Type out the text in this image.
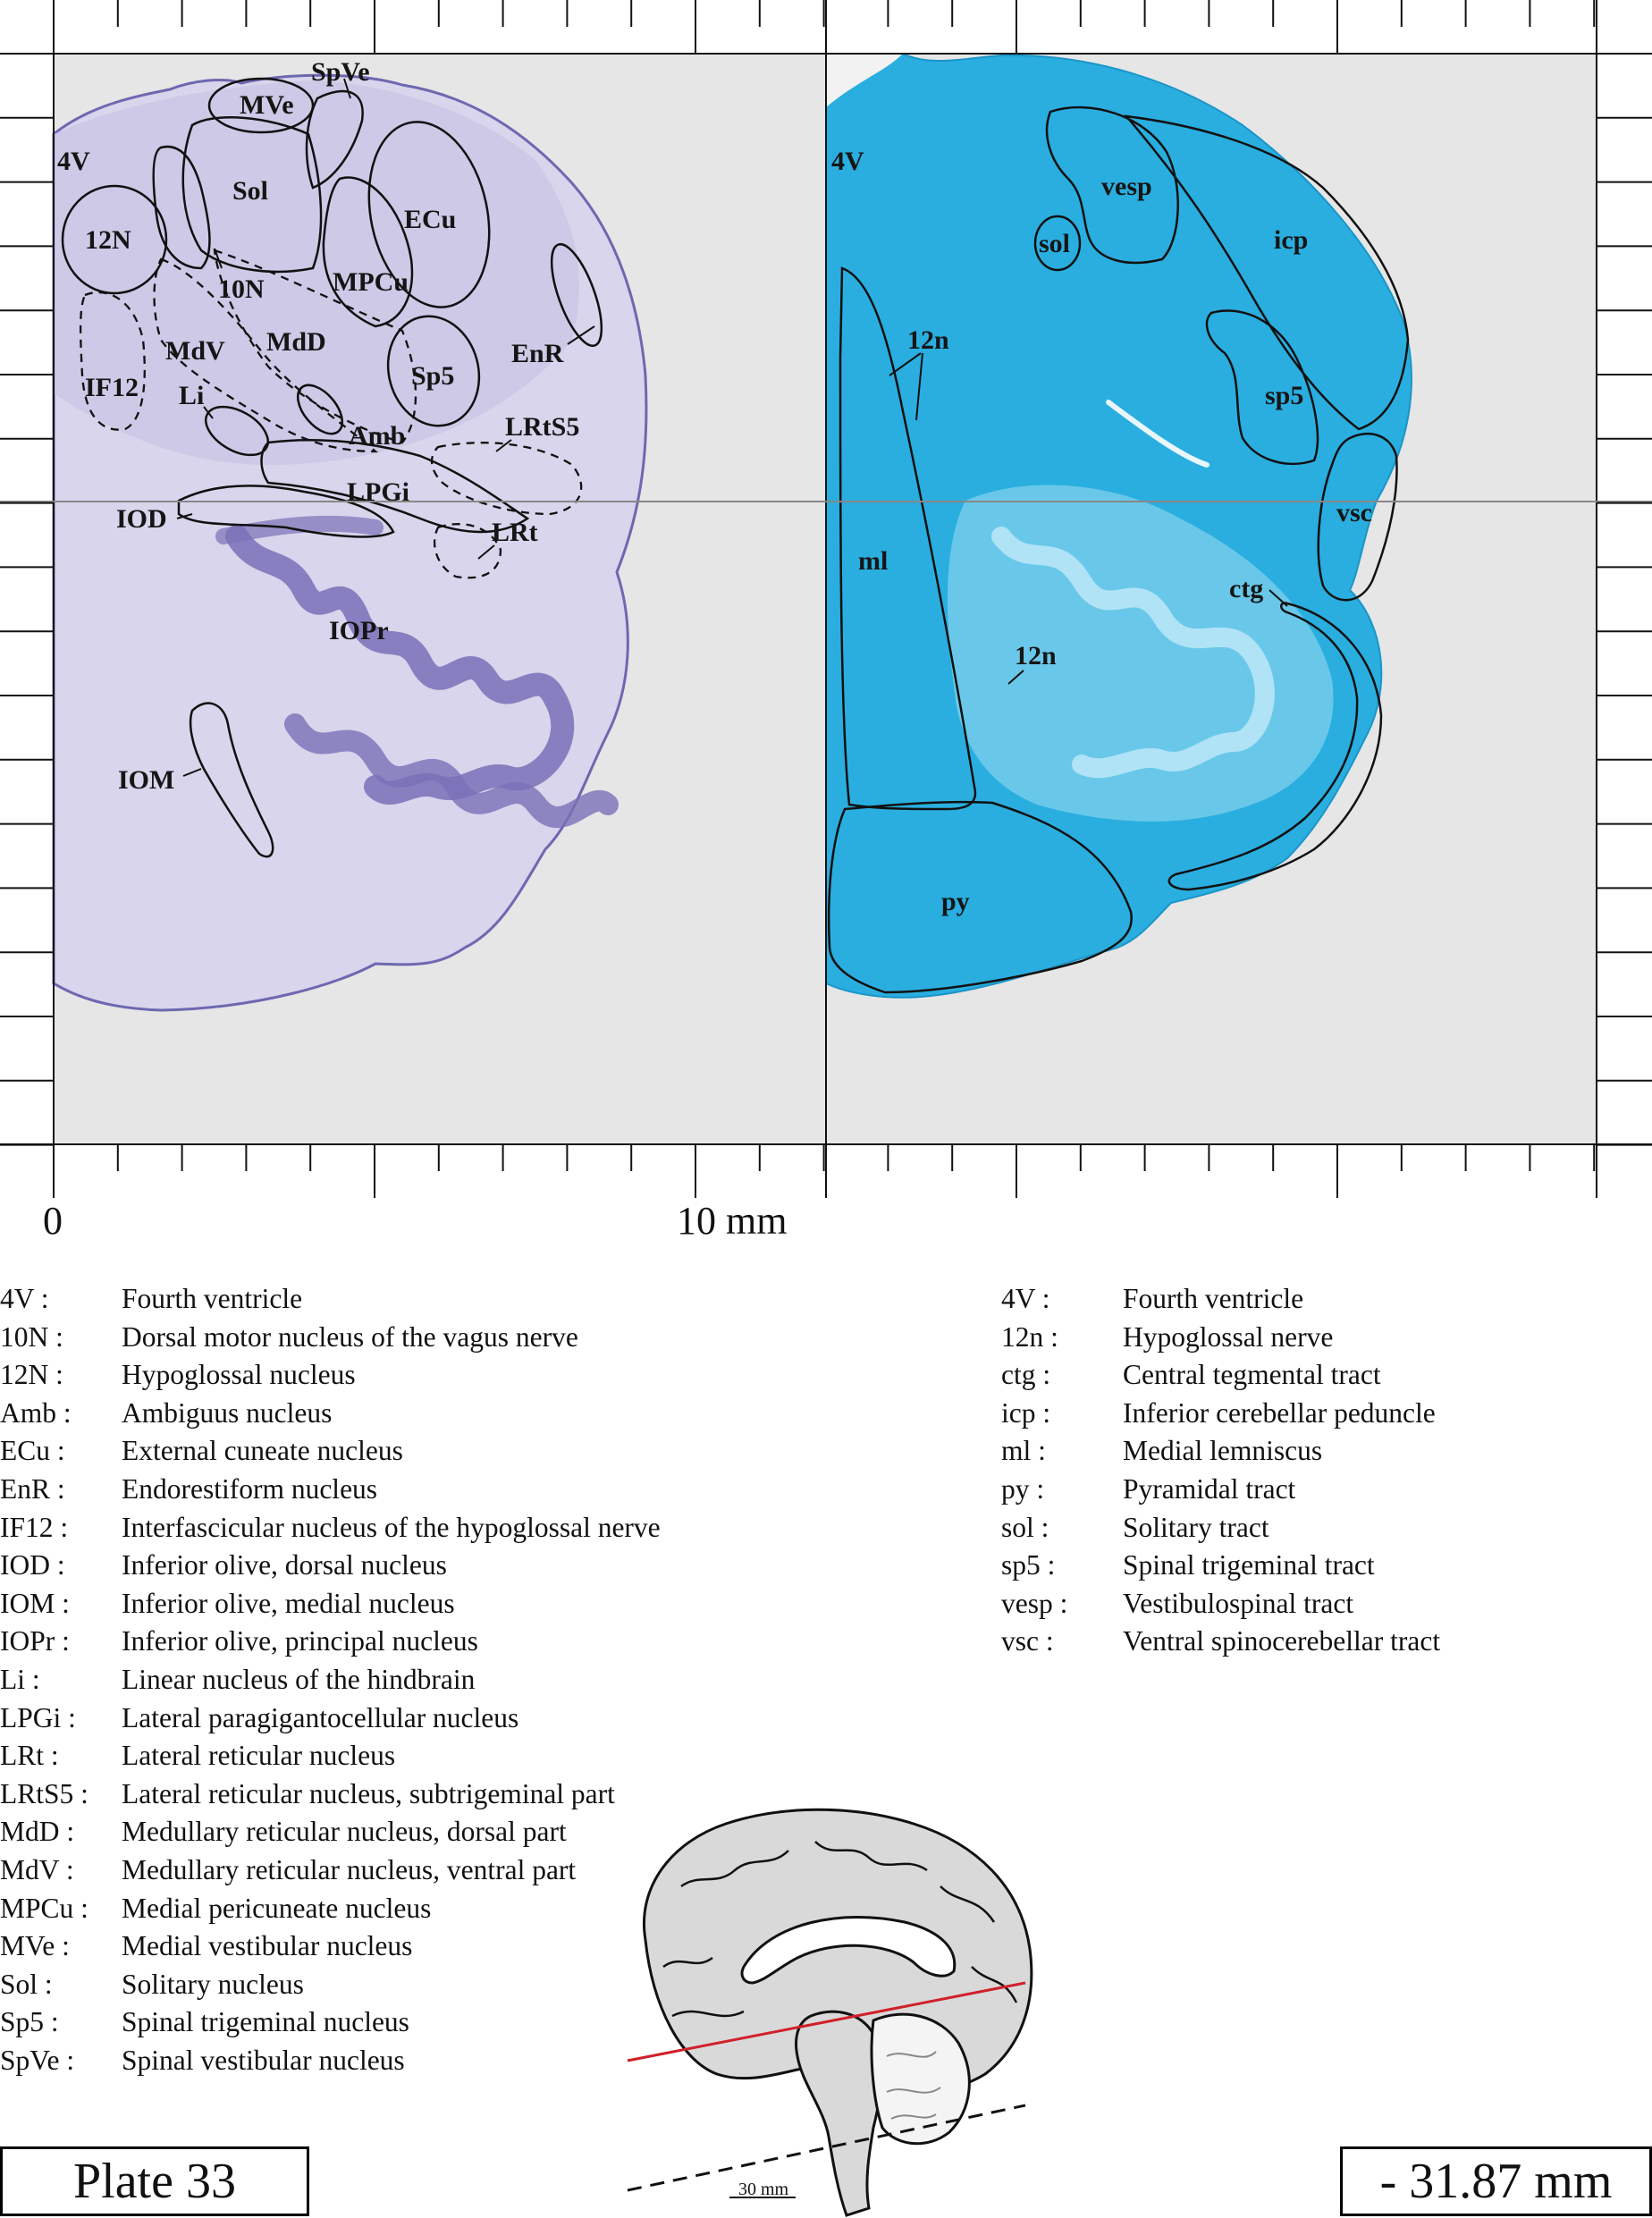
SpVe
MVe
4V
Sol
ECu
12N
10N	MPCu
MdV MdD	EnR
IF12 Li
Sp5
Amb	LRtS5
LPGi
IOD	LRt
IOPr
IOM
4V
vesp
sol	icp
12n
sp5
vsc
ml
ctg
12n
py
0	10 mm
4V :	Fourth ventricle
10N :	Dorsal motor nucleus of the vagus nerve
12N :	Hypoglossal nucleus
Amb :	Ambiguus nucleus
ECu :	External cuneate nucleus
EnR :	Endorestiform nucleus
IF12 :	Interfascicular nucleus of the hypoglossal nerve
IOD :	Inferior olive, dorsal nucleus
IOM :	Inferior olive, medial nucleus
IOPr :	Inferior olive, principal nucleus
Li :	Linear nucleus of the hindbrain
LPGi :	Lateral paragigantocellular nucleus
LRt :	Lateral reticular nucleus
LRtS5 :	Lateral reticular nucleus, subtrigeminal part
MdD :	Medullary reticular nucleus, dorsal part
MdV :	Medullary reticular nucleus, ventral part
MPCu :	Medial pericuneate nucleus
MVe :	Medial vestibular nucleus
Sol :	Solitary nucleus
Sp5 :	Spinal trigeminal nucleus
SpVe :	Spinal vestibular nucleus
4V :	Fourth ventricle
12n :	Hypoglossal nerve
ctg :	Central tegmental tract
icp :	Inferior cerebellar peduncle
ml :	Medial lemniscus
py :	Pyramidal tract
sol :	Solitary tract
sp5 :	Spinal trigeminal tract
vesp :	Vestibulospinal tract
vsc :	Ventral spinocerebellar tract
30 mm
Plate 33	- 31.87 mm
